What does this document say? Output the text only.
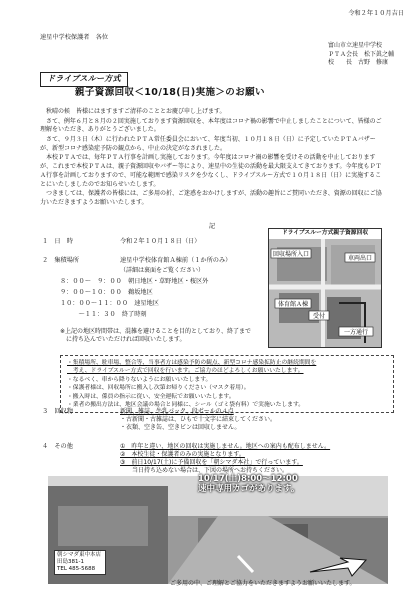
令和２年１０月吉日
速星中学校保護者　各位
富山市立速星中学校
ＰＴＡ会長　松下眞之輔
校　　長　古野　修康
ドライブスルー方式
親子資源回収＜10/18(日)実施＞のお願い

秋晴の候　皆様にはますますご清祥のこととお慶び申し上げます。

さて、例年６月と８月の２回実施しております資源回収を、本年度はコロナ禍の影響で中止しましたことについて、皆様のご理解をいただき、ありがとうございました。

さて、９月３日（木）に行われたＰＴＡ常任委員会において、年度当初、１０月１８日（日）に予定していたＰＴＡバザーが、新型コロナ感染症予防の観点から、中止の決定がなされました。

本校ＰＴＡでは、毎年ＰＴＡ行事を計画し実施しております。今年度はコロナ禍の影響を受けその活動を中止しておりますが、これまで本校ＰＴＡは、親子資源回収やバザー等により、速星中の生徒の活動を最大限支えてきております。今年度もＰＴＡ行事を計画しておりますので、可能な範囲で感染リスクを少なくし、ドライブスルー方式で１０月１８日（日）に実施することにいたしましたのでお知らせいたします。

つきましては、保護者の皆様には、ご多用の折、ご迷惑をおかけしますが、活動の趣旨にご賛同いただき、資源の回収にご協力いただきますようお願いいたします。

記
１　日　時	令和２年１０月１８日（日）
２　集積場所	速星中学校体育館Ａ棟前（１か所のみ）
（詳細は裏面をご覧ください）
８：００～　９：００　 朝日地区・草野地区・桜区外
９：００～１０：００　 鵜坂地区
１０：００～１１：００　 速星地区
　　　～１１：３０　 終了時刻
※上記の地区時間帯は、混雑を避けることを目的としており、終了まで
　に持ち込んでいただければ回収いたします。
ドライブスルー方式親子資源回収
回収場所入口
車両出口
体育館Ａ棟
受付
一方通行
・集積場所、駐車場、整合等、当事者方は感染予防の観点、新型コロナ感染拡防止の継続期間を
　考え、ドライブスルー方式で回収を行います。ご協力のほどよろしくお願いいたします。
・なるべく、車から降りないようにお願いいたします。
・保護者様は、回収場所に搬入し次第お帰りください（マスク着用）。
・搬入時は、係員の指示に従い、安全運転でお願いいたします。
・業者の搬出方法は、地区会議の場合と同様に、シール（ゴミ袋有料）で実施いたします。
３　回収物	新聞、雑誌、牛乳パック、段ボールの４点
・古新聞・古雑誌は、ひもで十文字に結束してください。
・衣類、空き缶、空きビンは回収しません。
４　その他	①　昨年と違い、地区の回収は実施しません。地区への案内も配布しません。
②　本校生徒・保護者のみの実施となります。
③　前日10/17(土)に予備回収を「朝シマダ本社」で行っています。
　　当日持ち込めない場合は、下図の場所へお持ちください。
10/17(土)8:00～12:00
速中専用カゴがあります。
朝シマダ東中本店
田島381-1
TEL 485-5688
ご多用の中、ご理解とご協力をいただきますようお願いいたします。
